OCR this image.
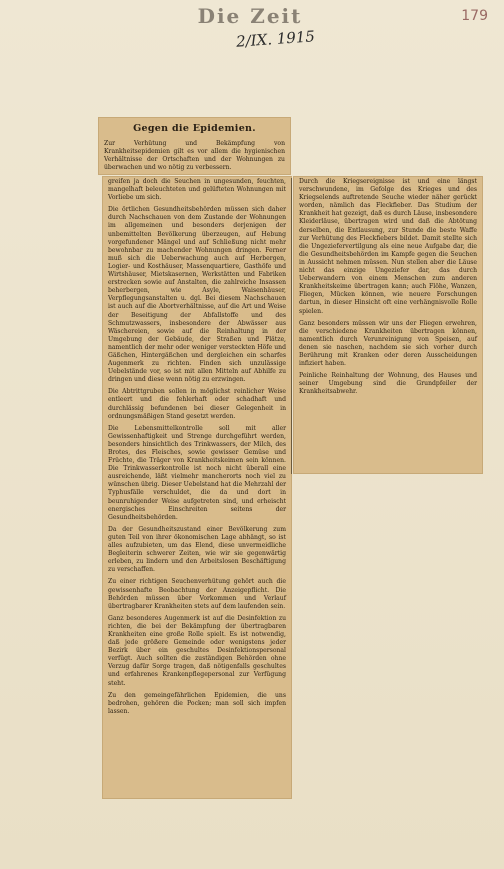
Die Zeit
2/IX. 1915
179
Gegen die Epidemien.

Zur Verhütung und Bekämpfung von Krankheitsepidemien gilt es vor allem die hygienischen Verhältnisse der Ortschaften und der Wohnungen zu überwachen und wo nötig zu verbessern.

greifen ja doch die Seuchen in ungesunden, feuchten, mangelhaft beleuchteten und gelüfteten Wohnungen mit Vorliebe um sich.

Die örtlichen Gesundheitsbehörden müssen sich daher durch Nachschauen von dem Zustande der Wohnungen im allgemeinen und besonders derjenigen der unbemittelten Bevölkerung überzeugen, auf Hebung vorgefundener Mängel und auf Schließung nicht mehr bewohnbar zu machender Wohnungen dringen. Ferner muß sich die Ueberwachung auch auf Herbergen, Logier- und Kosthäuser, Massenquartiere, Gasthöfe und Wirtshäuser, Mietskasernen, Werkstätten und Fabriken erstrecken sowie auf Anstalten, die zahlreiche Insassen beherbergen, wie Asyle, Waisenhäuser, Verpflegungsanstalten u. dgl. Bei diesem Nachschauen ist auch auf die Abortverhältnisse, auf die Art und Weise der Beseitigung der Abfallstoffe und des Schmutzwassers, insbesondere der Abwässer aus Wäschereien, sowie auf die Reinhaltung in der Umgebung der Gebäude, der Straßen und Plätze, namentlich der mehr oder weniger versteckten Höfe und Gäßchen, Hintergäßchen und dergleichen ein scharfes Augenmerk zu richten. Finden sich unzulässige Uebelstände vor, so ist mit allen Mitteln auf Abhilfe zu dringen und diese wenn nötig zu erzwingen.

Die Abtrittgruben sollen in möglichst reinlicher Weise entleert und die fehlerhaft oder schadhaft und durchlässig befundenen bei dieser Gelegenheit in ordnungsmäßigen Stand gesetzt werden.

Die Lebensmittelkontrolle soll mit aller Gewissenhaftigkeit und Strenge durchgeführt werden, besonders hinsichtlich des Trinkwassers, der Milch, des Brotes, des Fleisches, sowie gewisser Gemüse und Früchte, die Träger von Krankheitskeimen sein können. Die Trinkwasserkontrolle ist noch nicht überall eine ausreichende, läßt vielmehr mancherorts noch viel zu wünschen übrig. Dieser Uebelstand hat die Mehrzahl der Typhusfälle verschuldet, die da und dort in beunruhigender Weise aufgetreten sind, und erheischt energisches Einschreiten seitens der Gesundheitsbehörden.

Da der Gesundheitszustand einer Bevölkerung zum guten Teil von ihrer ökonomischen Lage abhängt, so ist alles aufzubieten, um das Elend, diese unvermeidliche Begleiterin schwerer Zeiten, wie wir sie gegenwärtig erleben, zu lindern und den Arbeitslosen Beschäftigung zu verschaffen.

Zu einer richtigen Seuchenverhütung gehört auch die gewissenhafte Beobachtung der Anzeigepflicht. Die Behörden müssen über Vorkommen und Verlauf übertragbarer Krankheiten stets auf dem laufenden sein.

Ganz besonderes Augenmerk ist auf die Desinfektion zu richten, die bei der Bekämpfung der übertragbaren Krankheiten eine große Rolle spielt. Es ist notwendig, daß jede größere Gemeinde oder wenigstens jeder Bezirk über ein geschultes Desinfektionspersonal verfügt. Auch sollten die zuständigen Behörden ohne Verzug dafür Sorge tragen, daß nötigenfalls geschultes und erfahrenes Krankenpflegepersonal zur Verfügung steht.

Zu den gemeingefährlichen Epidemien, die uns bedrohen, gehören die Pocken; man soll sich impfen lassen.

Durch die Kriegsereignisse ist und eine längst verschwundene, im Gefolge des Krieges und des Kriegselends auftretende Seuche wieder näher gerückt worden, nämlich das Fleckfieber. Das Studium der Krankheit hat gezeigt, daß es durch Läuse, insbesondere Kleiderläuse, übertragen wird und daß die Abtötung derselben, die Entlausung, zur Stunde die beste Waffe zur Verhütung des Fleckfiebers bildet. Damit stellte sich die Ungeziefervertilgung als eine neue Aufgabe dar, die die Gesundheitsbehörden im Kampfe gegen die Seuchen in Aussicht nehmen müssen. Nun stellen aber die Läuse nicht das einzige Ungeziefer dar, das durch Ueberwandern von einem Menschen zum anderen Krankheitskeime übertragen kann; auch Flöhe, Wanzen, Fliegen, Mücken können, wie neuere Forschungen dartun, in dieser Hinsicht oft eine verhängnisvolle Rolle spielen.

Ganz besonders müssen wir uns der Fliegen erwehren, die verschiedene Krankheiten übertragen können, namentlich durch Verunreinigung von Speisen, auf denen sie naschen, nachdem sie sich vorher durch Berührung mit Kranken oder deren Ausscheidungen infiziert haben.

Peinliche Reinhaltung der Wohnung, des Hauses und seiner Umgebung sind die Grundpfeiler der Krankheitsabwehr.
